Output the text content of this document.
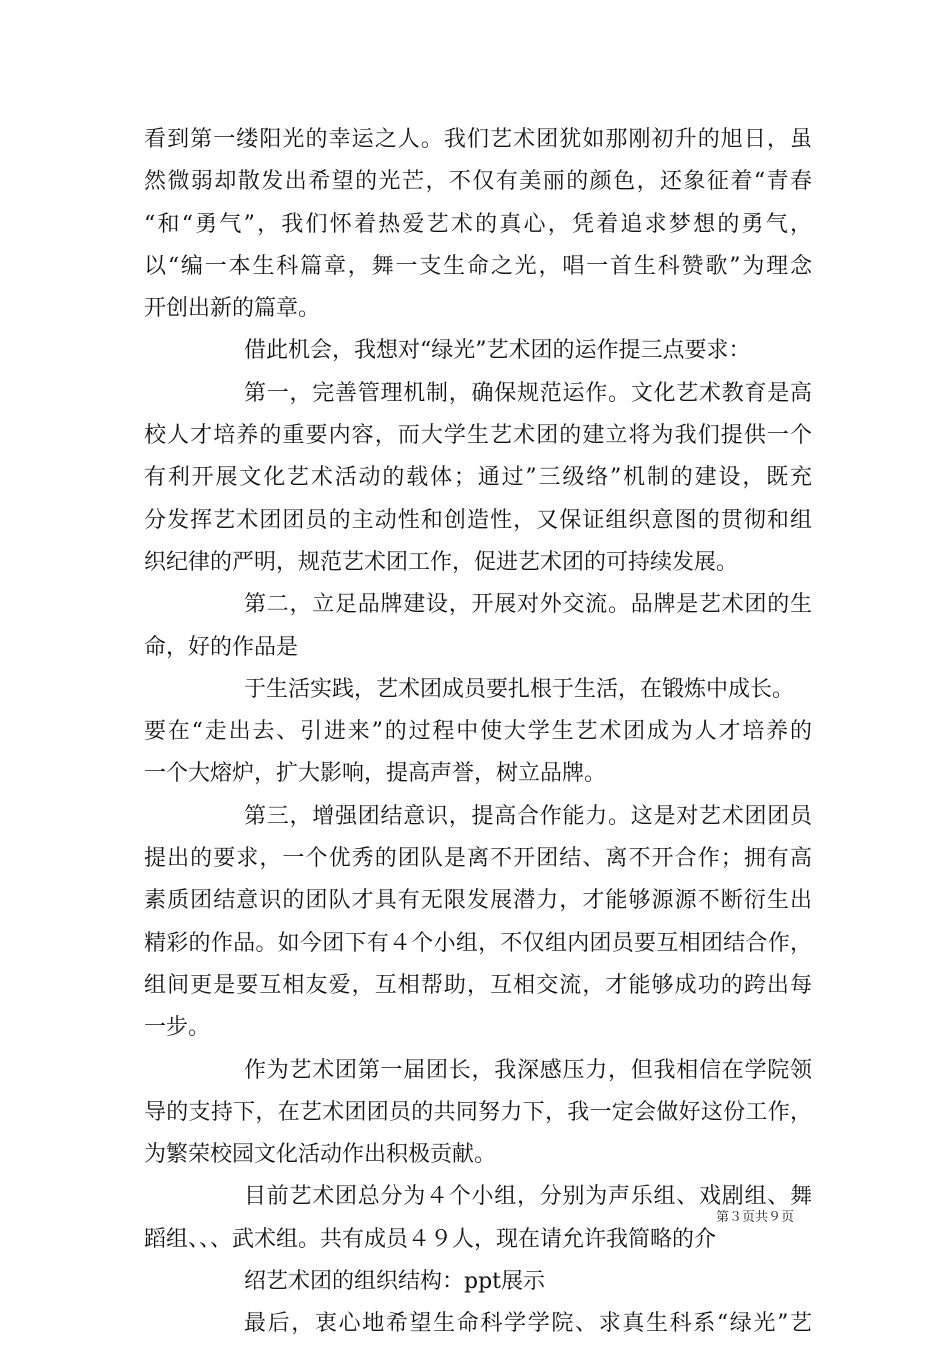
看到第一缕阳光的幸运之人。我们艺术团犹如那刚初升的旭日，虽
然微弱却散发出希望的光芒，不仅有美丽的颜色，还象征着“青春
“和“勇气”，我们怀着热爱艺术的真心，凭着追求梦想的勇气，
以“编一本生科篇章，舞一支生命之光，唱一首生科赞歌”为理念
开创出新的篇章。
借此机会，我想对“绿光”艺术团的运作提三点要求：
第一，完善管理机制，确保规范运作。文化艺术教育是高
校人才培养的重要内容，而大学生艺术团的建立将为我们提供一个
有利开展文化艺术活动的载体；通过”三级络”机制的建设，既充
分发挥艺术团团员的主动性和创造性，又保证组织意图的贯彻和组
织纪律的严明，规范艺术团工作，促进艺术团的可持续发展。
第二，立足品牌建设，开展对外交流。品牌是艺术团的生
命，好的作品是
于生活实践，艺术团成员要扎根于生活，在锻炼中成长。
要在“走出去、引进来”的过程中使大学生艺术团成为人才培养的
一个大熔炉，扩大影响，提高声誉，树立品牌。
第三，增强团结意识，提高合作能力。这是对艺术团团员
提出的要求，一个优秀的团队是离不开团结、离不开合作；拥有高
素质团结意识的团队才具有无限发展潜力，才能够源源不断衍生出
精彩的作品。如今团下有４个小组，不仅组内团员要互相团结合作，
组间更是要互相友爱，互相帮助，互相交流，才能够成功的跨出每
一步。
作为艺术团第一届团长，我深感压力，但我相信在学院领
导的支持下，在艺术团团员的共同努力下，我一定会做好这份工作，
为繁荣校园文化活动作出积极贡献。
目前艺术团总分为４个小组，分别为声乐组、戏剧组、舞
蹈组、、、武术组。共有成员４９人，现在请允许我简略的介
绍艺术团的组织结构：ppt展示
最后，衷心地希望生命科学学院、求真生科系“绿光”艺
第３页共９页
